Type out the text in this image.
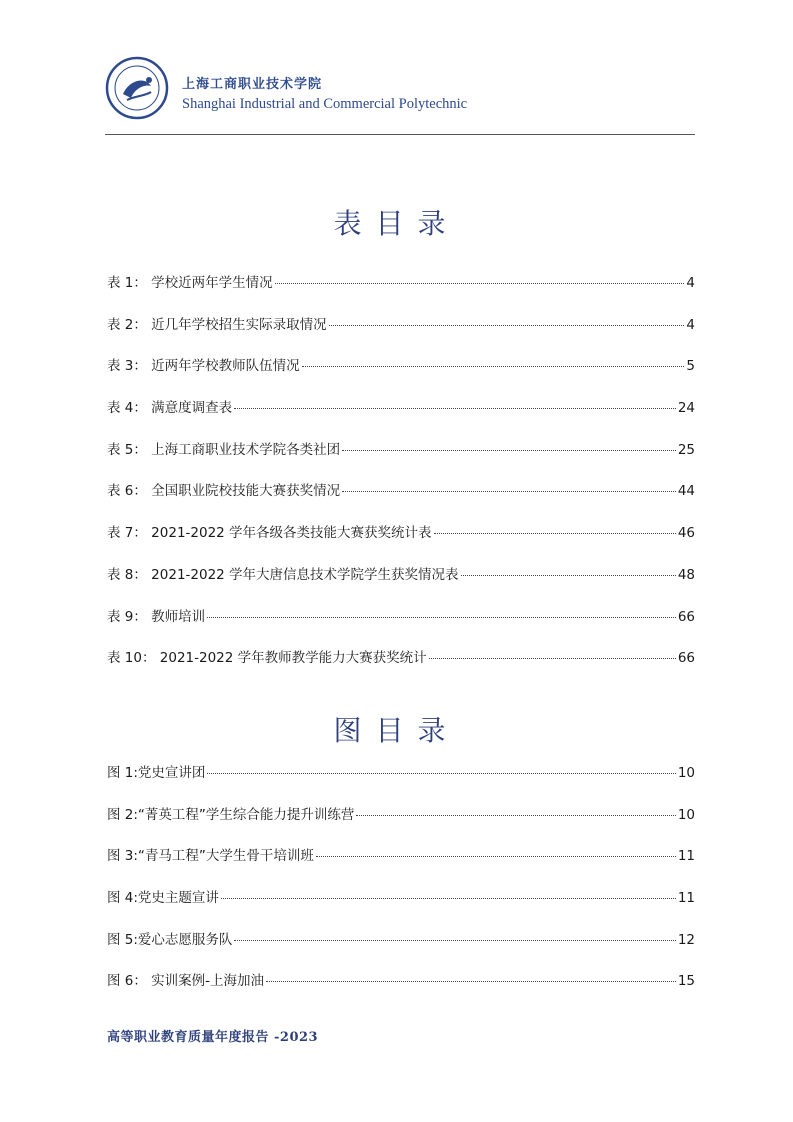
上海工商职业技术学院
Shanghai Industrial and Commercial Polytechnic
表目录
表 1： 学校近两年学生情况	4
表 2： 近几年学校招生实际录取情况	4
表 3： 近两年学校教师队伍情况	5
表 4： 满意度调查表	24
表 5： 上海工商职业技术学院各类社团	25
表 6： 全国职业院校技能大赛获奖情况	44
表 7： 2021-2022 学年各级各类技能大赛获奖统计表	46
表 8： 2021-2022 学年大唐信息技术学院学生获奖情况表	48
表 9： 教师培训	66
表 10： 2021-2022 学年教师教学能力大赛获奖统计	66
图目录
图 1:党史宣讲团	10
图 2:“菁英工程”学生综合能力提升训练营	10
图 3:“青马工程”大学生骨干培训班	11
图 4:党史主题宣讲	11
图 5:爱心志愿服务队	12
图 6： 实训案例-上海加油	15
高等职业教育质量年度报告 -2023
